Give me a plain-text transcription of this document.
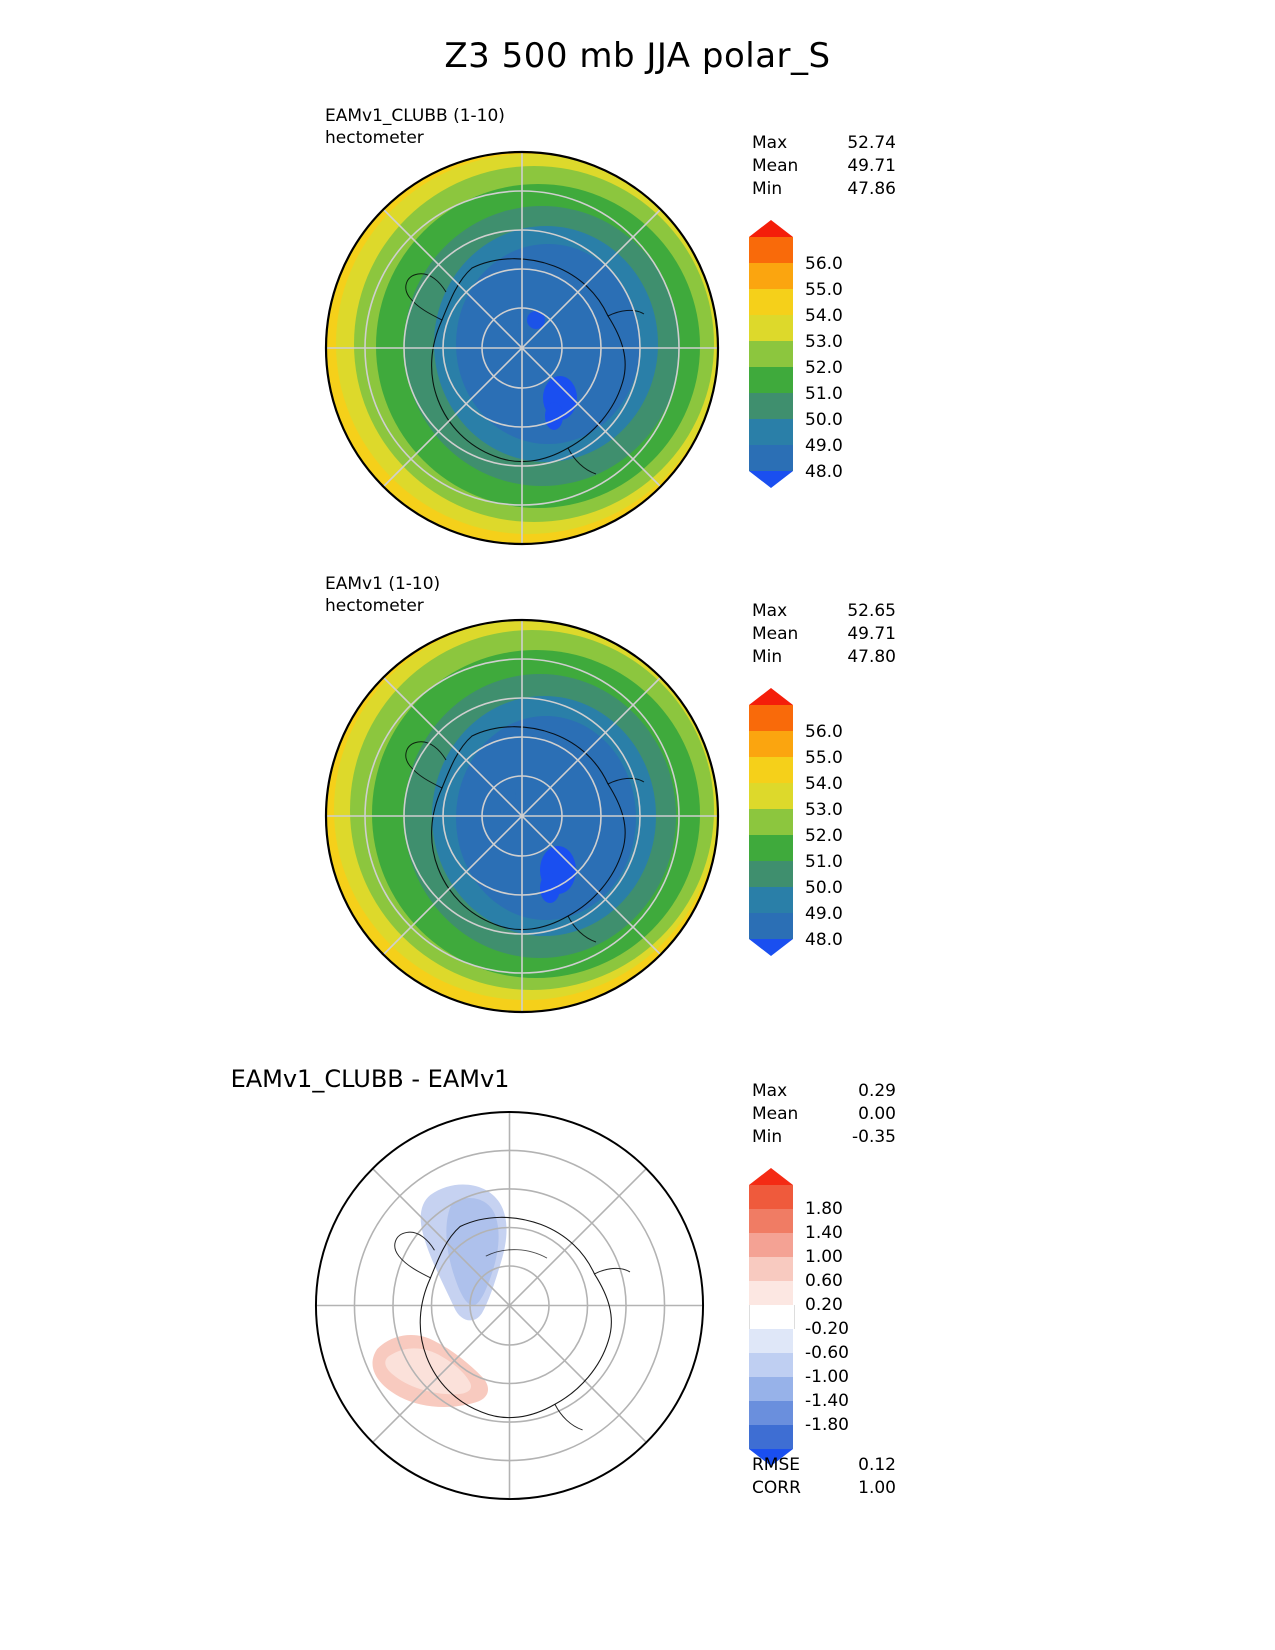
Z3 500 mb JJA polar_S
EAMv1_CLUBB (1-10)
hectometer	Max	52.74
Mean	49.71
Min	47.86
56.0
55.0
54.0
53.0
52.0
51.0
50.0
49.0
48.0
EAMv1 (1-10)
hectometer	Max	52.65
Mean	49.71
Min	47.80
56.0
55.0
54.0
53.0
52.0
51.0
50.0
49.0
48.0
EAMv1_CLUBB - EAMv1	Max	0.29
Mean	0.00
Min	-0.35
1.80
1.40
1.00
0.60
0.20
-0.20
-0.60
-1.00
-1.40
-1.80
RMSE	0.12
CORR	1.00
